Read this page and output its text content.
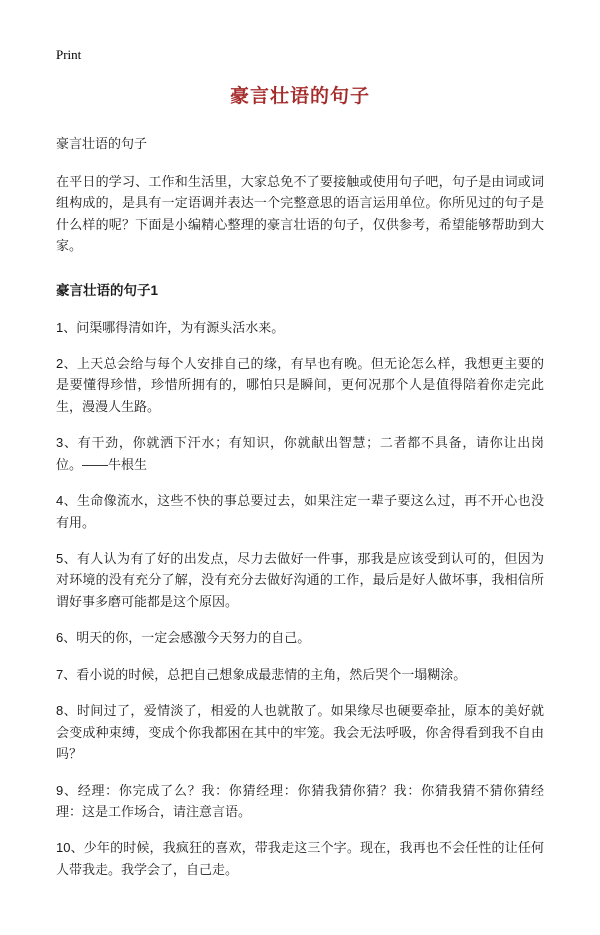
Print
豪言壮语的句子

豪言壮语的句子

在平日的学习、工作和生活里，大家总免不了要接触或使用句子吧，句子是由词或词组构成的，是具有一定语调并表达一个完整意思的语言运用单位。你所见过的句子是什么样的呢？下面是小编精心整理的豪言壮语的句子，仅供参考，希望能够帮助到大家。

豪言壮语的句子1

1、问渠哪得清如许，为有源头活水来。

2、上天总会给与每个人安排自己的缘，有早也有晚。但无论怎么样，我想更主要的是要懂得珍惜，珍惜所拥有的，哪怕只是瞬间，更何况那个人是值得陪着你走完此生，漫漫人生路。

3、有干劲，你就洒下汗水；有知识，你就献出智慧；二者都不具备，请你让出岗位。——牛根生

4、生命像流水，这些不快的事总要过去，如果注定一辈子要这么过，再不开心也没有用。

5、有人认为有了好的出发点，尽力去做好一件事，那我是应该受到认可的，但因为对环境的没有充分了解，没有充分去做好沟通的工作，最后是好人做坏事，我相信所谓好事多磨可能都是这个原因。

6、明天的你，一定会感激今天努力的自己。

7、看小说的时候，总把自己想象成最悲情的主角，然后哭个一塌糊涂。

8、时间过了，爱情淡了，相爱的人也就散了。如果缘尽也硬要牵扯，原本的美好就会变成种束缚，变成个你我都困在其中的牢笼。我会无法呼吸，你舍得看到我不自由吗？

9、经理：你完成了么？我：你猜经理：你猜我猜你猜？我：你猜我猜不猜你猜经理：这是工作场合，请注意言语。

10、少年的时候，我疯狂的喜欢，带我走这三个字。现在，我再也不会任性的让任何人带我走。我学会了，自己走。
